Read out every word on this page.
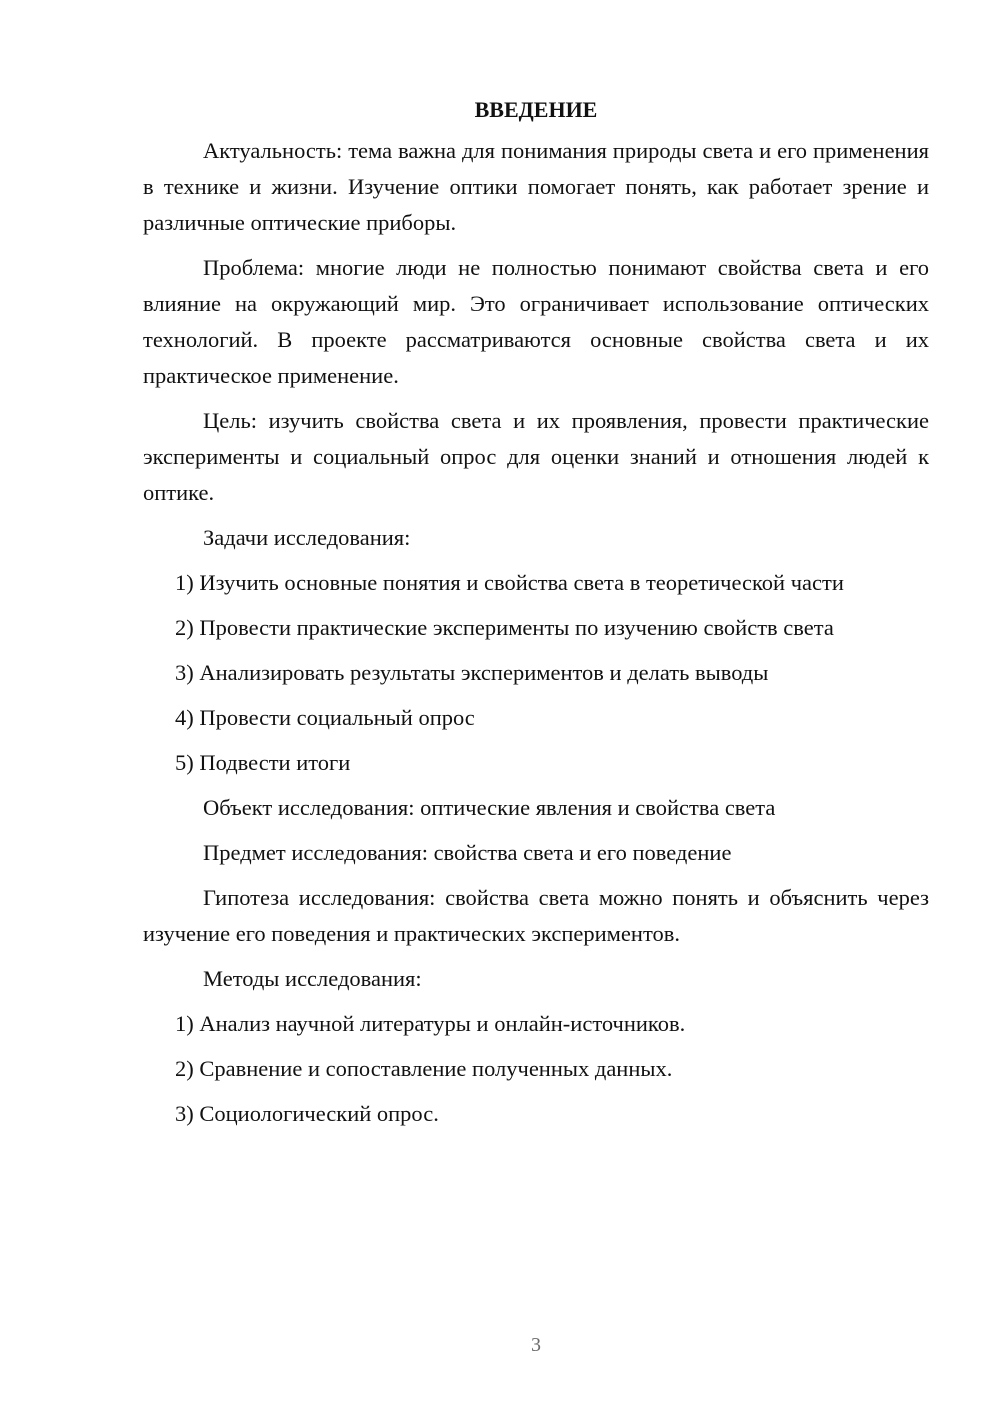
ВВЕДЕНИЕ

Актуальность: тема важна для понимания природы света и его применения в технике и жизни. Изучение оптики помогает понять, как работает зрение и различные оптические приборы.

Проблема: многие люди не полностью понимают свойства света и его влияние на окружающий мир. Это ограничивает использование оптических технологий. В проекте рассматриваются основные свойства света и их практическое применение.

Цель: изучить свойства света и их проявления, провести практические эксперименты и социальный опрос для оценки знаний и отношения людей к оптике.

Задачи исследования:
1) Изучить основные понятия и свойства света в теоретической части
2) Провести практические эксперименты по изучению свойств света
3) Анализировать результаты экспериментов и делать выводы
4) Провести социальный опрос
5) Подвести итоги
Объект исследования: оптические явления и свойства света
Предмет исследования: свойства света и его поведение

Гипотеза исследования: свойства света можно понять и объяснить через изучение его поведения и практических экспериментов.

Методы исследования:
1) Анализ научной литературы и онлайн-источников.
2) Сравнение и сопоставление полученных данных.
3) Социологический опрос.
3
